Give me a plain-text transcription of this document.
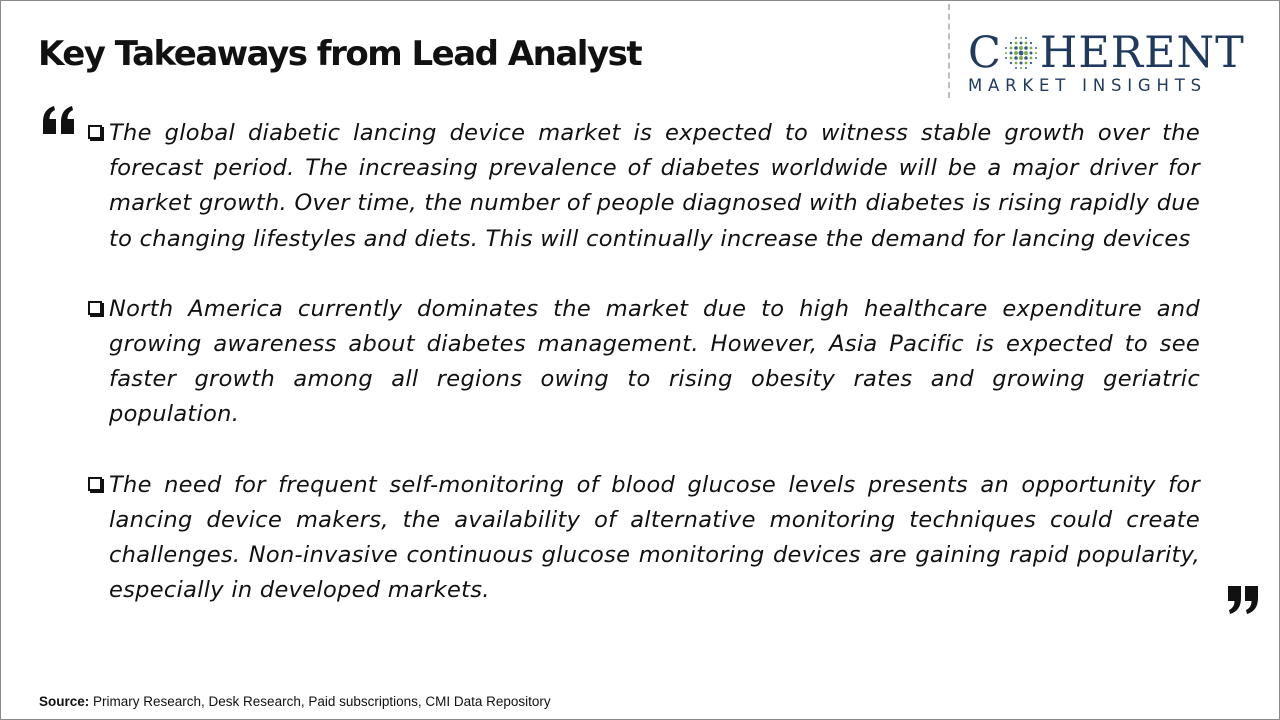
Key Takeaways from Lead Analyst	C HERENT
MARKET INSIGHTS
The global diabetic lancing device market is expected to witness stable growth over the forecast period. The increasing prevalence of diabetes worldwide will be a major driver for market growth. Over time, the number of people diagnosed with diabetes is rising rapidly due to changing lifestyles and diets. This will continually increase the demand for lancing devices
North America currently dominates the market due to high healthcare expenditure and growing awareness about diabetes management. However, Asia Pacific is expected to see faster growth among all regions owing to rising obesity rates and growing geriatric population.
The need for frequent self-monitoring of blood glucose levels presents an opportunity for lancing device makers, the availability of alternative monitoring techniques could create challenges. Non-invasive continuous glucose monitoring devices are gaining rapid popularity, especially in developed markets.
Source: Primary Research, Desk Research, Paid subscriptions, CMI Data Repository
